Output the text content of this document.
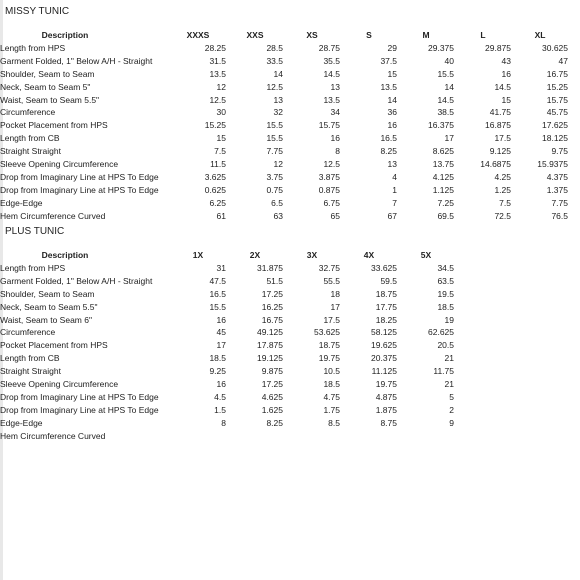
MISSY TUNIC
Description	XXXS	XXS	XS	S	M	L	XL
Length from HPS	28.25	28.5	28.75	29	29.375	29.875	30.625
Garment Folded, 1" Below A/H - Straight	31.5	33.5	35.5	37.5	40	43	47
Shoulder, Seam to Seam	13.5	14	14.5	15	15.5	16	16.75
Neck, Seam to Seam 5"	12	12.5	13	13.5	14	14.5	15.25
Waist, Seam to Seam 5.5"	12.5	13	13.5	14	14.5	15	15.75
Circumference	30	32	34	36	38.5	41.75	45.75
Pocket Placement from HPS	15.25	15.5	15.75	16	16.375	16.875	17.625
Length from CB	15	15.5	16	16.5	17	17.5	18.125
Straight Straight	7.5	7.75	8	8.25	8.625	9.125	9.75
Sleeve Opening Circumference	11.5	12	12.5	13	13.75	14.6875	15.9375
Drop from Imaginary Line at HPS To Edge	3.625	3.75	3.875	4	4.125	4.25	4.375
Drop from Imaginary Line at HPS To Edge	0.625	0.75	0.875	1	1.125	1.25	1.375
Edge-Edge	6.25	6.5	6.75	7	7.25	7.5	7.75
Hem Circumference Curved	61	63	65	67	69.5	72.5	76.5
PLUS TUNIC
Description	1X	2X	3X	4X	5X
Length from HPS	31	31.875	32.75	33.625	34.5
Garment Folded, 1" Below A/H - Straight	47.5	51.5	55.5	59.5	63.5
Shoulder, Seam to Seam	16.5	17.25	18	18.75	19.5
Neck, Seam to Seam 5.5"	15.5	16.25	17	17.75	18.5
Waist, Seam to Seam 6"	16	16.75	17.5	18.25	19
Circumference	45	49.125	53.625	58.125	62.625
Pocket Placement from HPS	17	17.875	18.75	19.625	20.5
Length from CB	18.5	19.125	19.75	20.375	21
Straight Straight	9.25	9.875	10.5	11.125	11.75
Sleeve Opening Circumference	16	17.25	18.5	19.75	21
Drop from Imaginary Line at HPS To Edge	4.5	4.625	4.75	4.875	5
Drop from Imaginary Line at HPS To Edge	1.5	1.625	1.75	1.875	2
Edge-Edge	8	8.25	8.5	8.75	9
Hem Circumference Curved
